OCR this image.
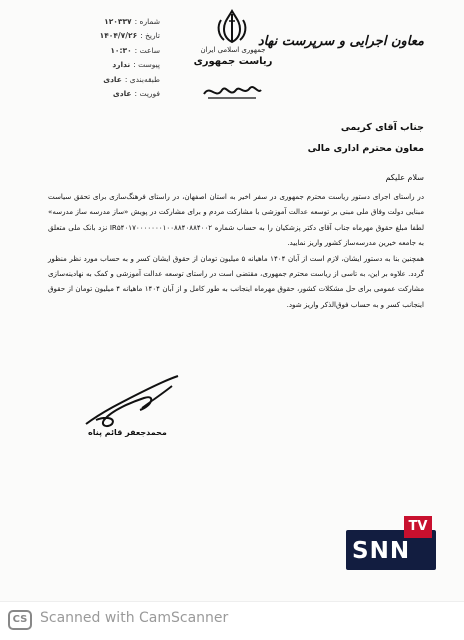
شماره :
۱۲۰۳۳۷
تاریخ :
۱۴۰۴/۷/۲۶
ساعت :
۱۰:۳۰
پیوست :
ندارد
طبقه‌بندی :
عادی
فوریت :
عادی
جمهوری اسلامی ایران
ریاست جمهوری
معاون اجرایی و سرپرست نهاد
جناب آقای کریمی
معاون محترم اداری مالی
سلام علیکم

در راستای اجرای دستور ریاست محترم جمهوری در سفر اخیر به استان اصفهان، در راستای فرهنگ‌سازی برای تحقق سیاست مبنایی دولت وفاق ملی مبنی بر توسعه عدالت آموزشی با مشارکت مردم و برای مشارکت در پویش «ساز مدرسه ساز مدرسه» لطفا مبلغ حقوق مهرماه جناب آقای دکتر پزشکیان را به حساب شماره IR۵۴۰۱۷۰۰۰۰۰۰۰۱۰۰۸۸۴۰۸۸۴۰۰۲ نزد بانک ملی متعلق به جامعه خیرین مدرسه‌ساز کشور واریز نمایید.

همچنین بنا به دستور ایشان، لازم است از آبان ۱۴۰۴ ماهیانه ۵ میلیون تومان از حقوق ایشان کسر و به حساب مورد نظر منظور گردد. علاوه بر این، به تاسی از ریاست محترم جمهوری، مقتضی است در راستای توسعه عدالت آموزشی و کمک به نهادینه‌سازی مشارکت عمومی برای حل مشکلات کشور، حقوق مهرماه اینجانب به طور کامل و از آبان ۱۴۰۴ ماهیانه ۴ میلیون تومان از حقوق اینجانب کسر و به حساب فوق‌الذکر واریز شود.

محمدجعفر قائم پناه
TV
SNN
CS Scanned with CamScanner
